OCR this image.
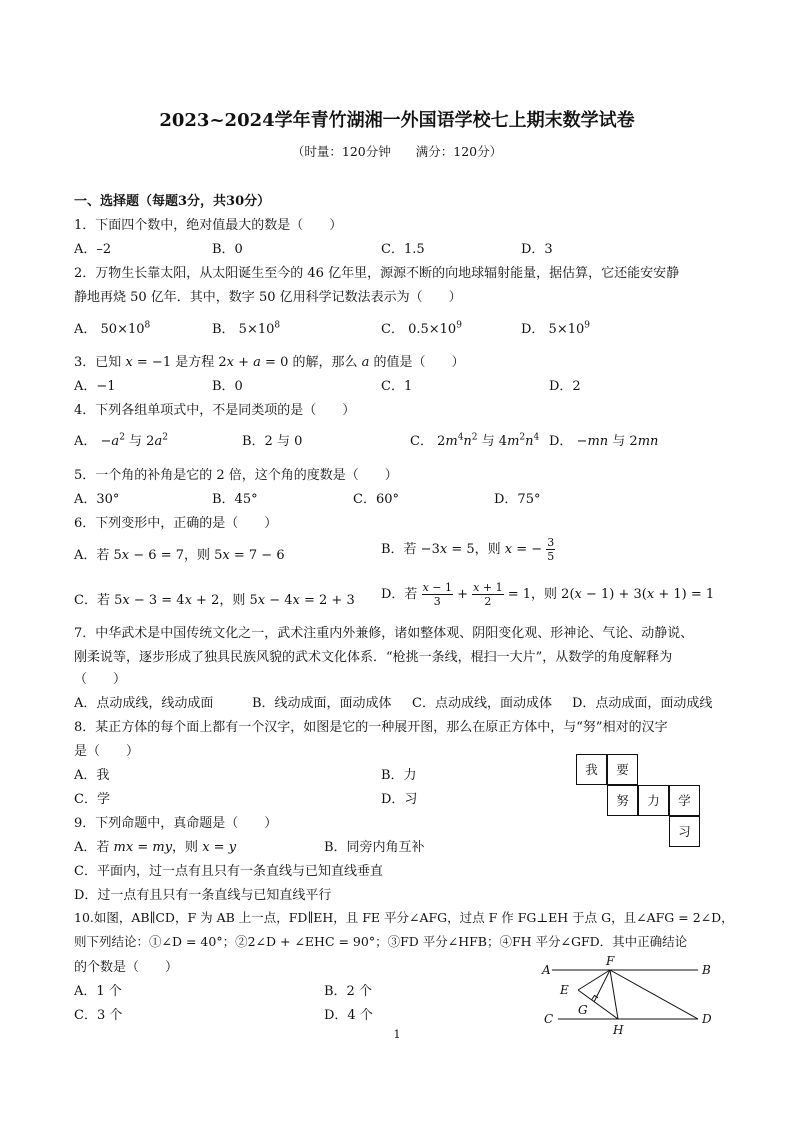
2023~2024学年青竹湖湘一外国语学校七上期末数学试卷
（时量：120分钟　　满分：120分）
一、选择题（每题3分，共30分）
1．下面四个数中，绝对值最大的数是（　　）
A．–2	B．0	C．1.5	D．3
2．万物生长靠太阳，从太阳诞生至今的 46 亿年里，源源不断的向地球辐射能量，据估算，它还能安安静
静地再烧 50 亿年．其中，数字 50 亿用科学记数法表示为（　　）
A． $50\times 10^8$	B． $5\times 10^8$	C． $0.5\times 10^9$	D． $5\times 10^9$
3．已知 x = −1 是方程 2x + a = 0 的解，那么 a 的值是（　　）
A．−1	B．0	C．1	D．2
4．下列各组单项式中，不是同类项的是（　　）
A． $-a^2$ 与 $2a^2$	B．2 与 0	C． $2m^4n^2$ 与 $4m^2n^4$ D． −mn 与 2mn
5．一个角的补角是它的 2 倍，这个角的度数是（　　）
A．30°	B．45°	C．60°	D．75°
6．下列变形中，正确的是（　　）
A．若 5x − 6 = 7，则 5x = 7 − 6	B．若 −3x = 5，则 x = − $\frac{3}{5}$
C．若 5x − 3 = 4x + 2，则 5x − 4x = 2 + 3 D．若 $\frac{x - 1}{3} + \frac{x + 1}{2} = 1$，则 2(x − 1) + 3(x + 1) = 1
7．中华武术是中国传统文化之一，武术注重内外兼修，诸如整体观、阴阳变化观、形神论、气论、动静说、
刚柔说等，逐步形成了独具民族风貌的武术文化体系．“枪挑一条线，棍扫一大片”，从数学的角度解释为
（　　）
A．点动成线，线动成面	B．线动成面，面动成体 C．点动成线，面动成体 D．点动成面，面动成线
8．某正方体的每个面上都有一个汉字，如图是它的一种展开图，那么在原正方体中，与“努”相对的汉字
是（　　）
A．我	B．力
C．学	D．习
我	要
努	力	学
习
9．下列命题中，真命题是（　　）
A．若 mx = my，则 x = y	B．同旁内角互补
C．平面内，过一点有且只有一条直线与已知直线垂直
D．过一点有且只有一条直线与已知直线平行
10.如图，AB∥CD，F 为 AB 上一点，FD∥EH，且 FE 平分∠AFG，过点 F 作 FG⊥EH 于点 G，且∠AFG = 2∠D，
则下列结论：①∠D = 40°；②2∠D + ∠EHC = 90°；③FD 平分∠HFB；④FH 平分∠GFD．其中正确结论
的个数是（　　）
A．1 个	B．2 个
C．3 个	D．4 个
A	B
F
E
G
C	D
H
1
